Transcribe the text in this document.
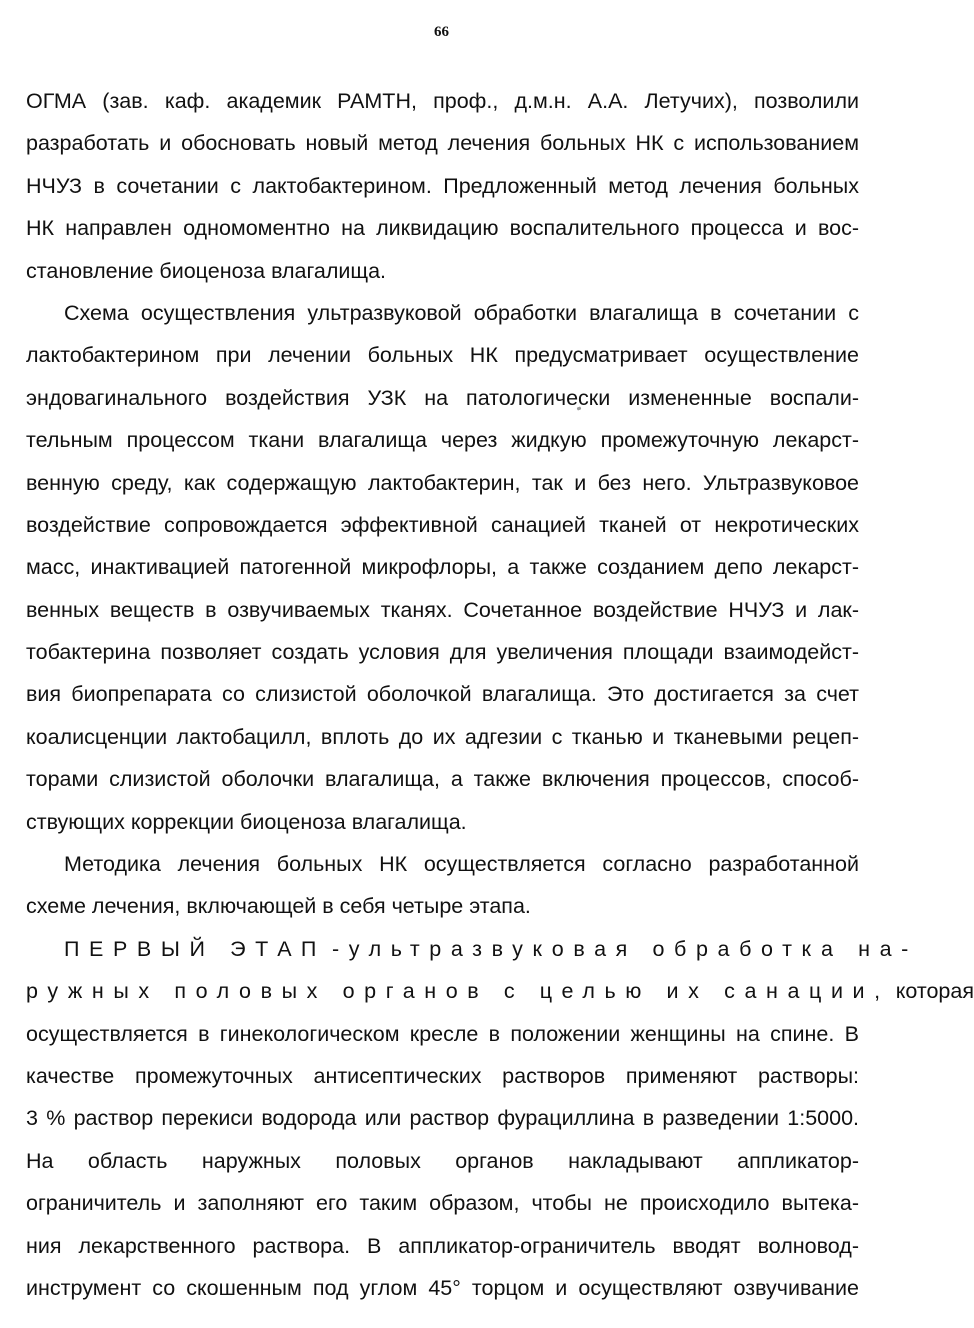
66
ОГМА (зав. каф. академик РАМТН, проф., д.м.н. А.А. Летучих), позволили
разработать и обосновать новый метод лечения больных НК с использованием
НЧУЗ в сочетании с лактобактерином. Предложенный метод лечения больных
НК направлен одномоментно на ликвидацию воспалительного процесса и вос-
становление биоценоза влагалища.
Схема осуществления ультразвуковой обработки влагалища в сочетании с
лактобактерином при лечении больных НК предусматривает осуществление
эндовагинального воздействия УЗК на патологически измененные воспали-
тельным процессом ткани влагалища через жидкую промежуточную лекарст-
венную среду, как содержащую лактобактерин, так и без него. Ультразвуковое
воздействие сопровождается эффективной санацией тканей от некротических
масс, инактивацией патогенной микрофлоры, а также созданием депо лекарст-
венных веществ в озвучиваемых тканях. Сочетанное воздействие НЧУЗ и лак-
тобактерина позволяет создать условия для увеличения площади взаимодейст-
вия биопрепарата со слизистой оболочкой влагалища. Это достигается за счет
коалисценции лактобацилл, вплоть до их адгезии с тканью и тканевыми рецеп-
торами слизистой оболочки влагалища, а также включения процессов, способ-
ствующих коррекции биоценоза влагалища.
Методика лечения больных НК осуществляется согласно разработанной
схеме лечения, включающей в себя четыре этапа.
ПЕРВЫЙ ЭТАП -ультразвуковая обработка на-
ружных половых органов с целью их санации, которая
осуществляется в гинекологическом кресле в положении женщины на спине. В
качестве промежуточных антисептических растворов применяют растворы:
3 % раствор перекиси водорода или раствор фурациллина в разведении 1:5000.
На область наружных половых органов накладывают аппликатор-
ограничитель и заполняют его таким образом, чтобы не происходило вытека-
ния лекарственного раствора. В аппликатор-ограничитель вводят волновод-
инструмент со скошенным под углом 45° торцом и осуществляют озвучивание
